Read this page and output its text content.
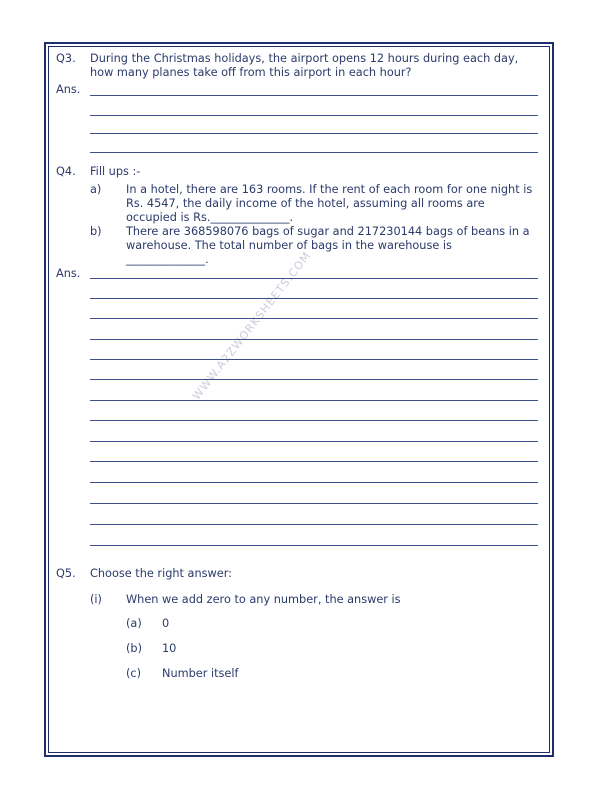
WWW.A2ZWORKSHEETS.COM
Q3. During the Christmas holidays, the airport opens 12 hours during each day, how many planes take off from this airport in each hour?
Ans.
Q4. Fill ups :-
a) In a hotel, there are 163 rooms. If the rent of each room for one night is Rs. 4547, the daily income of the hotel, assuming all rooms are occupied is Rs.______________.
b) There are 368598076 bags of sugar and 217230144 bags of beans in a warehouse. The total number of bags in the warehouse is ______________.
Ans.
Q5. Choose the right answer:
(i) When we add zero to any number, the answer is
(a) 0
(b) 10
(c) Number itself
